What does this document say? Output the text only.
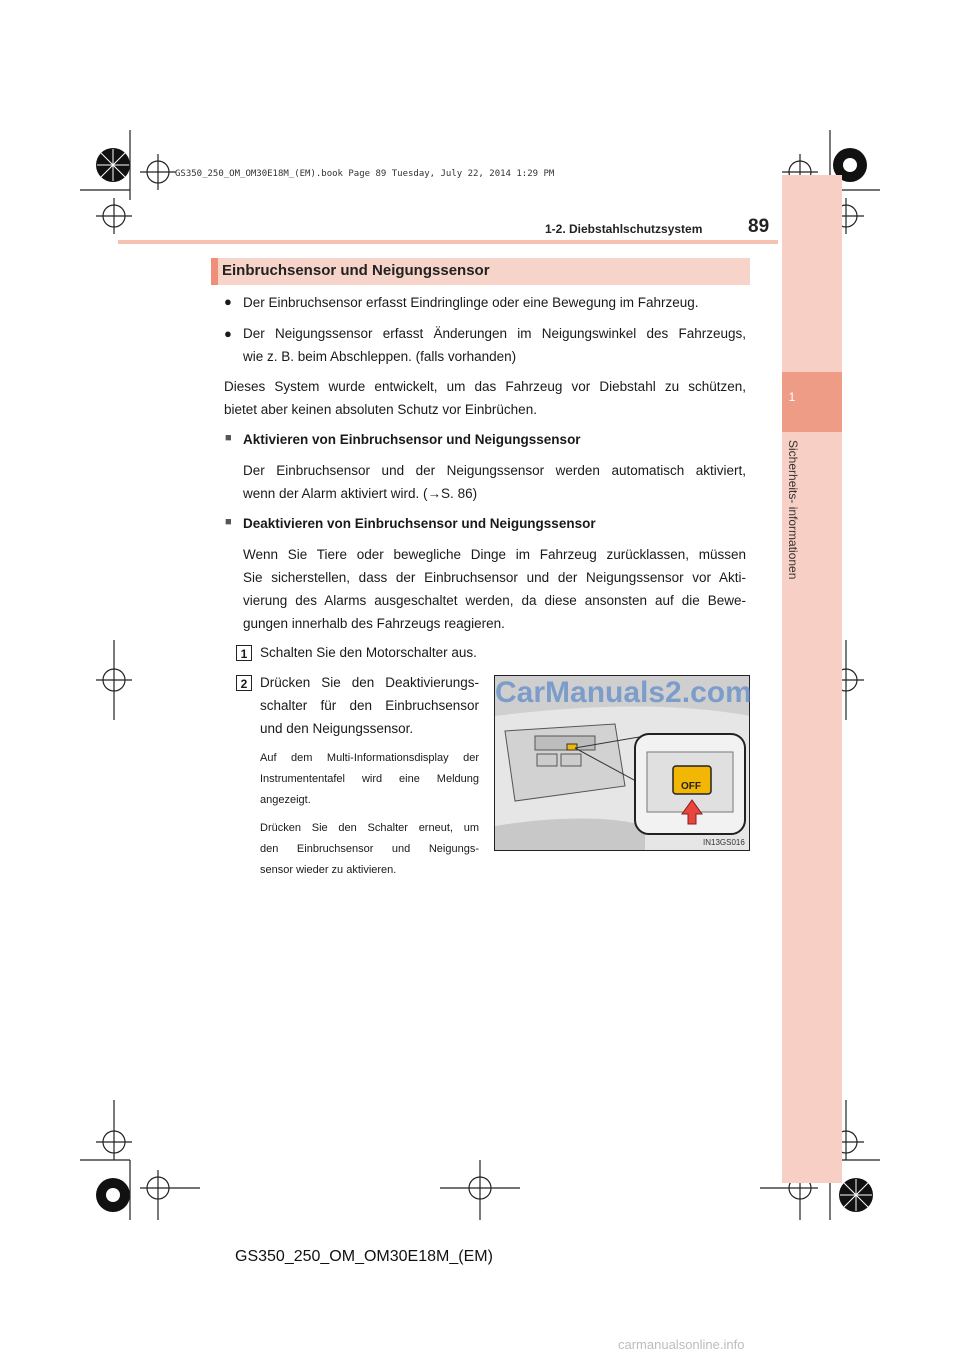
GS350_250_OM_OM30E18M_(EM).book Page 89 Tuesday, July 22, 2014 1:29 PM
1
Sicherheits- informationen
1-2. Diebstahlschutzsystem 89
Einbruchsensor und Neigungssensor
● Der Einbruchsensor erfasst Eindringlinge oder eine Bewegung im Fahrzeug.
● Der Neigungssensor erfasst Änderungen im Neigungswinkel des Fahrzeugs,
wie z. B. beim Abschleppen. (falls vorhanden)
Dieses System wurde entwickelt, um das Fahrzeug vor Diebstahl zu schützen,
bietet aber keinen absoluten Schutz vor Einbrüchen.
■ Aktivieren von Einbruchsensor und Neigungssensor
Der Einbruchsensor und der Neigungssensor werden automatisch aktiviert,
wenn der Alarm aktiviert wird. (→S. 86)
■ Deaktivieren von Einbruchsensor und Neigungssensor
Wenn Sie Tiere oder bewegliche Dinge im Fahrzeug zurücklassen, müssen
Sie sicherstellen, dass der Einbruchsensor und der Neigungssensor vor Akti-
vierung des Alarms ausgeschaltet werden, da diese ansonsten auf die Bewe-
gungen innerhalb des Fahrzeugs reagieren.
1 Schalten Sie den Motorschalter aus.
2 Drücken Sie den Deaktivierungs-
schalter für den Einbruchsensor
und den Neigungssensor.
Auf dem Multi-Informationsdisplay der
Instrumententafel wird eine Meldung
angezeigt.
Drücken Sie den Schalter erneut, um
den Einbruchsensor und Neigungs-
sensor wieder zu aktivieren.
IN13GS016
OFF
CarManuals2.com
GS350_250_OM_OM30E18M_(EM)
carmanualsonline.info
